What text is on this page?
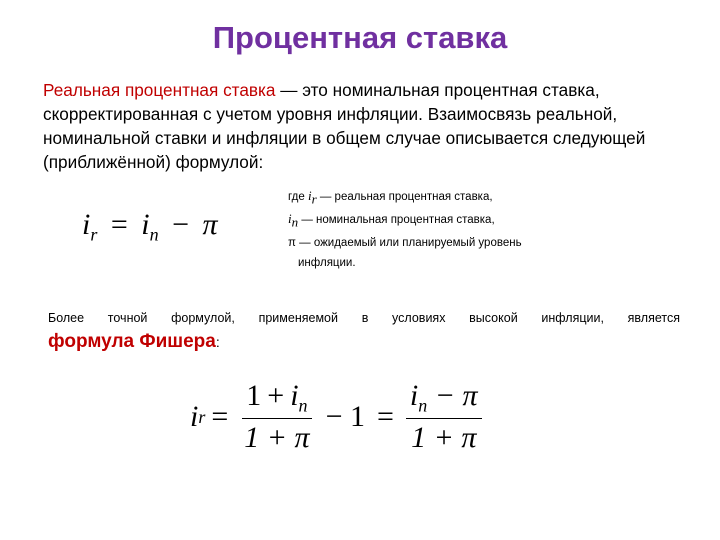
Процентная ставка
Реальная процентная ставка — это номинальная процентная ставка, скорректированная с учетом уровня инфляции. Взаимосвязь реальной, номинальной ставки и инфляции в общем случае описывается следующей (приближённой) формулой:
$i_r = i_n - \pi$
где $i_r$ — реальная процентная ставка,
$i_n$ — номинальная процентная ставка,
π — ожидаемый или планируемый уровень
инфляции.
Более точной формулой, применяемой в условиях высокой инфляции, является
формула Фишера:
i $r = \frac{1 + i_n}{1 + \pi} - 1 = \frac{i_n - \pi}{1 + \pi}$
